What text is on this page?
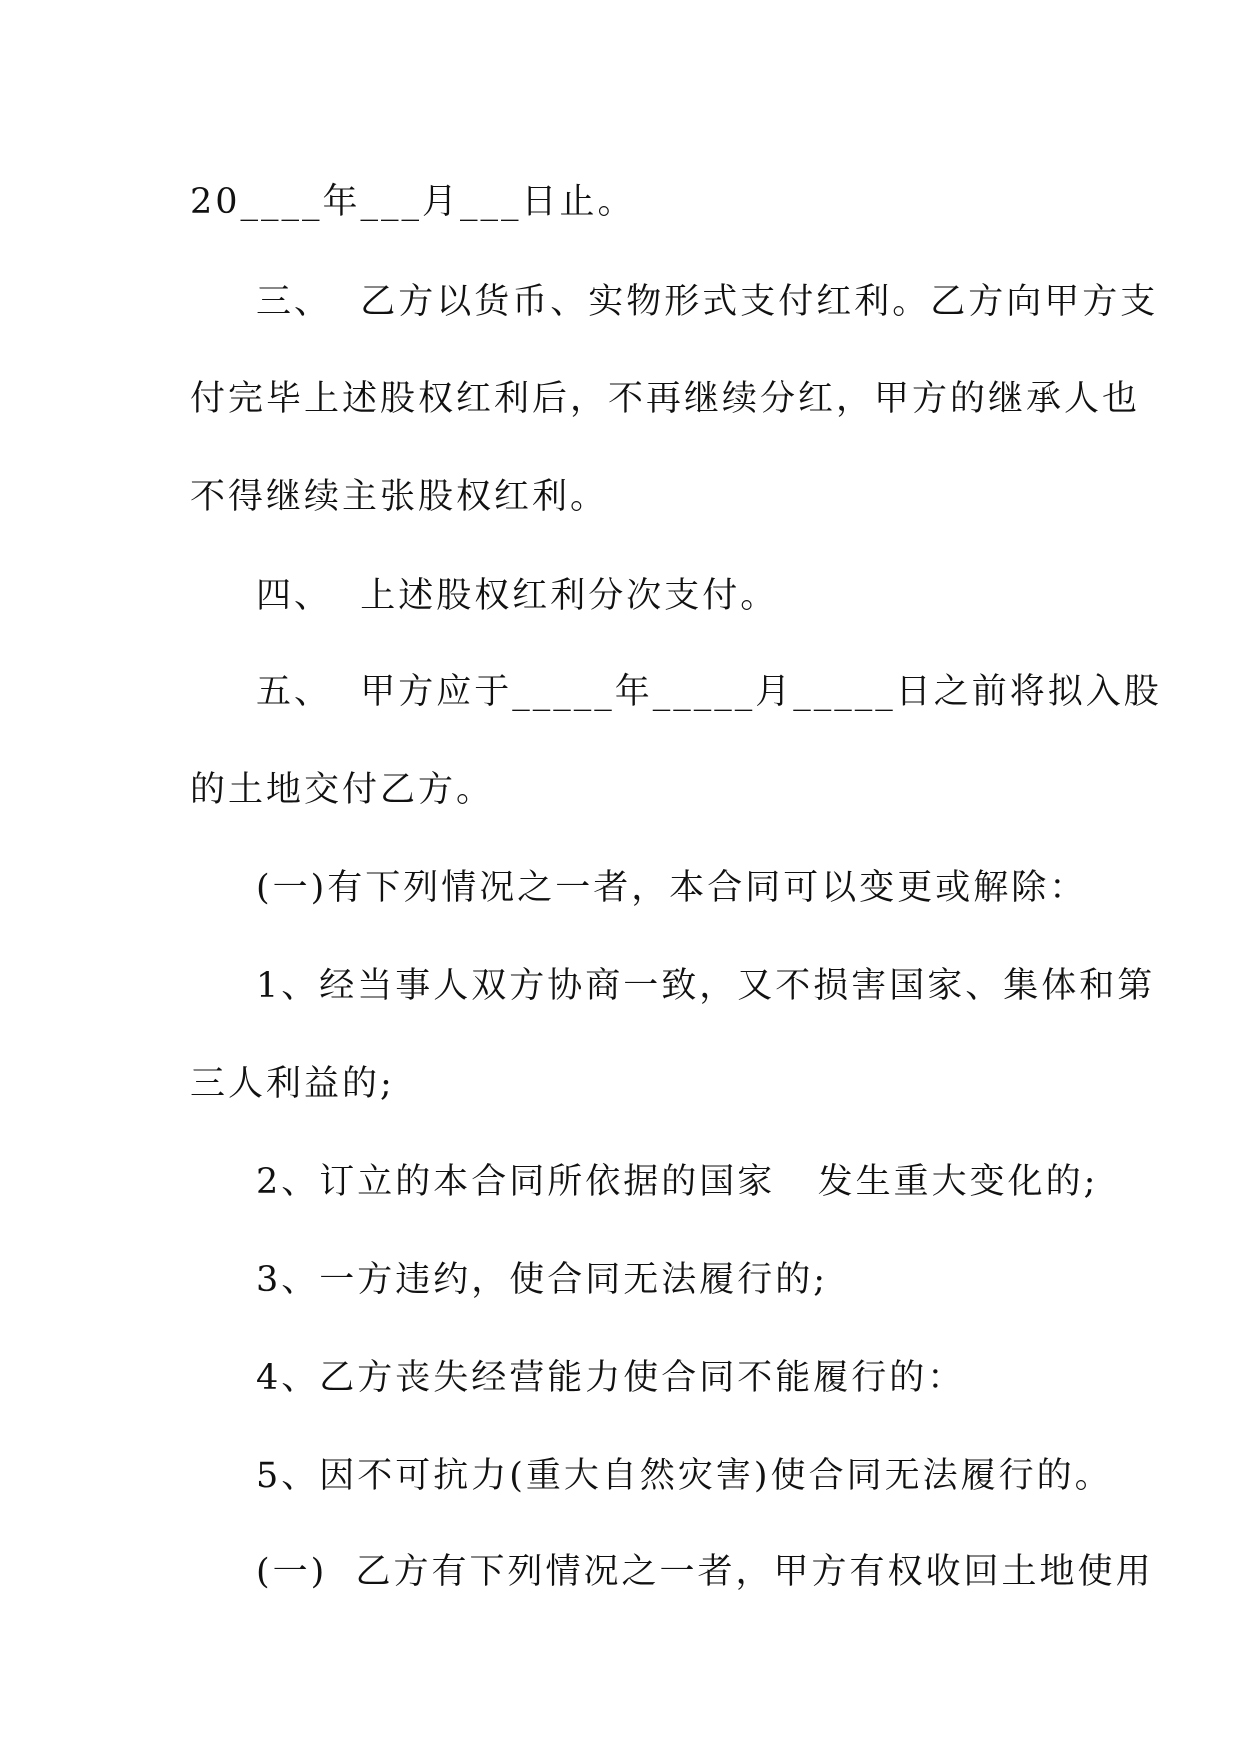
20____年___月___日止。
三、  乙方以货币、实物形式支付红利。乙方向甲方支
付完毕上述股权红利后，不再继续分红，甲方的继承人也
不得继续主张股权红利。
四、  上述股权红利分次支付。
五、  甲方应于_____年_____月_____日之前将拟入股
的土地交付乙方。
(一)有下列情况之一者，本合同可以变更或解除：
1、经当事人双方协商一致，又不损害国家、集体和第
三人利益的;
2、订立的本合同所依据的国家   发生重大变化的;
3、一方违约，使合同无法履行的;
4、乙方丧失经营能力使合同不能履行的：
5、因不可抗力(重大自然灾害)使合同无法履行的。
(一)  乙方有下列情况之一者，甲方有权收回土地使用
